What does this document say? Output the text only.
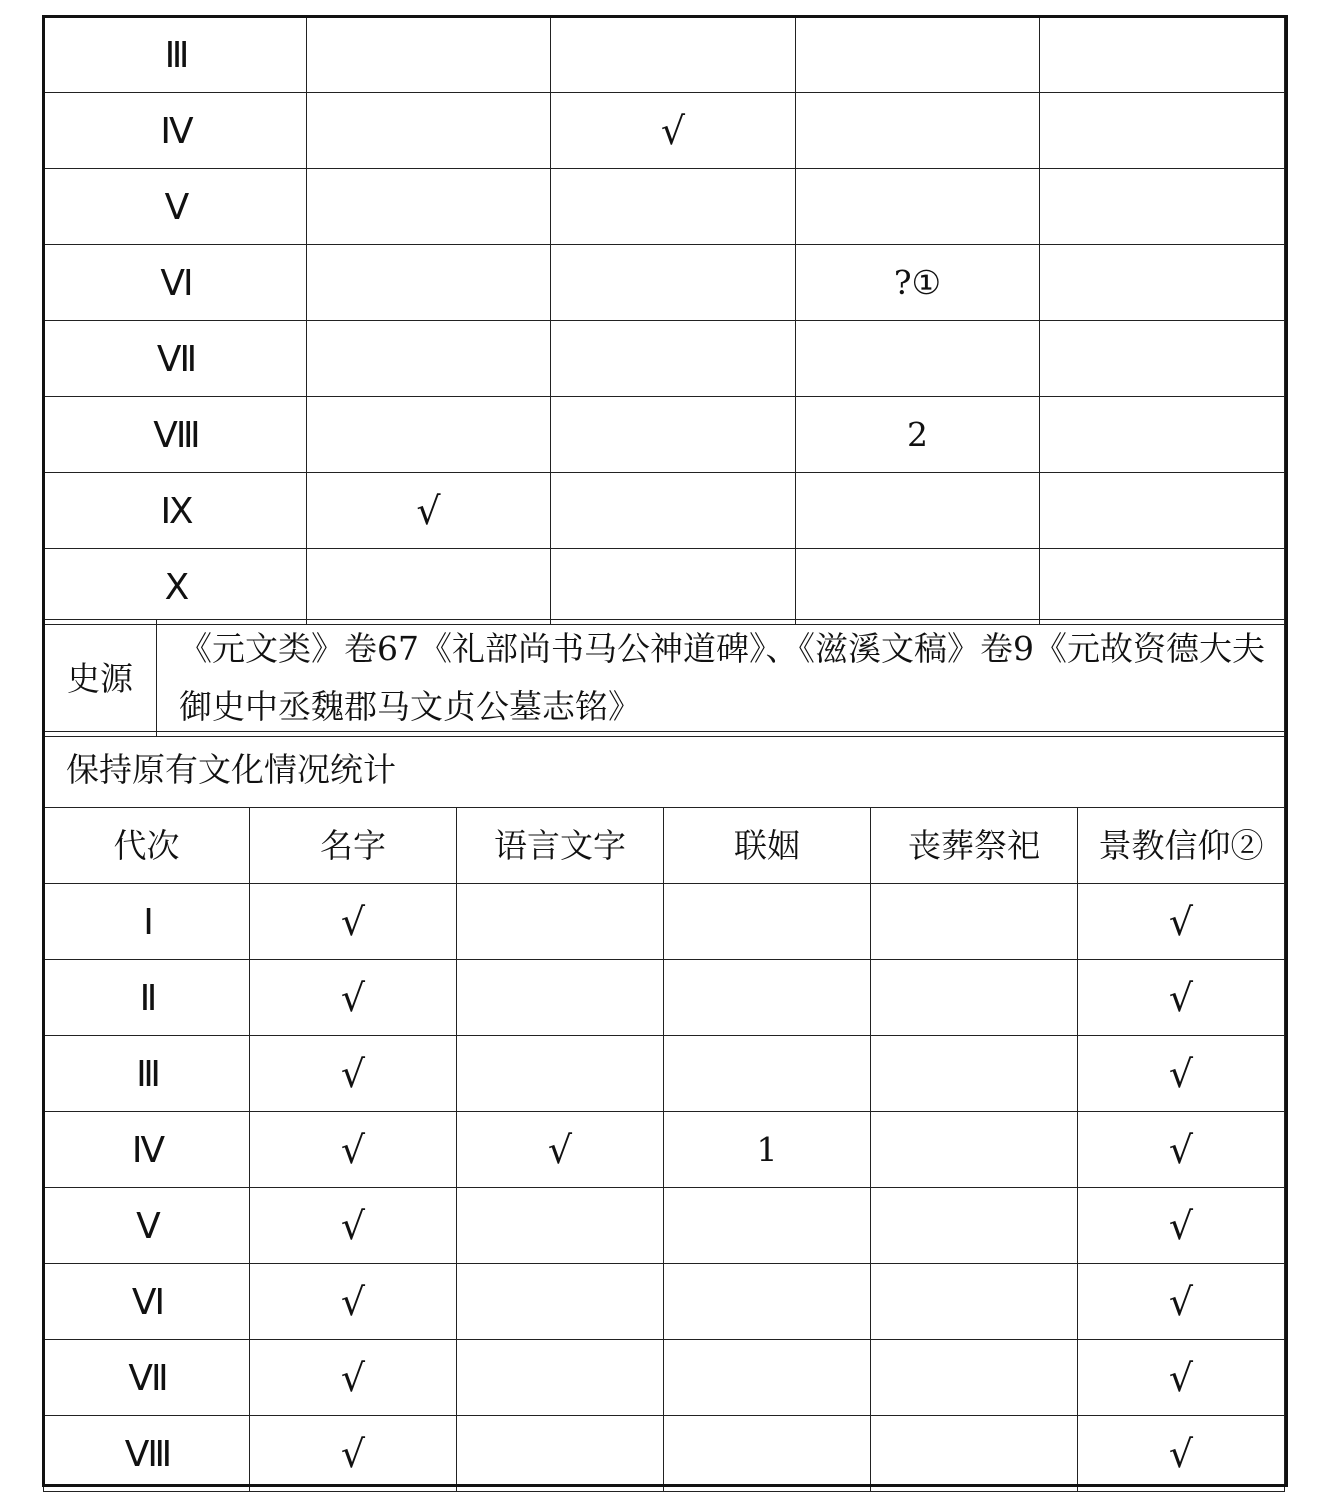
Ⅲ				
Ⅳ		√		
Ⅴ				
Ⅵ			?①	
Ⅶ				
Ⅷ			2	
Ⅸ	√			
Ⅹ				
史源	《元文类》卷67《礼部尚书马公神道碑》、《滋溪文稿》卷9《元故资德大夫御史中丞魏郡马文贞公墓志铭》
保持原有文化情况统计					
代次	名字	语言文字	联姻	丧葬祭祀	景教信仰②
Ⅰ	√				√
Ⅱ	√				√
Ⅲ	√				√
Ⅳ	√	√	1		√
Ⅴ	√				√
Ⅵ	√				√
Ⅶ	√				√
Ⅷ	√				√
